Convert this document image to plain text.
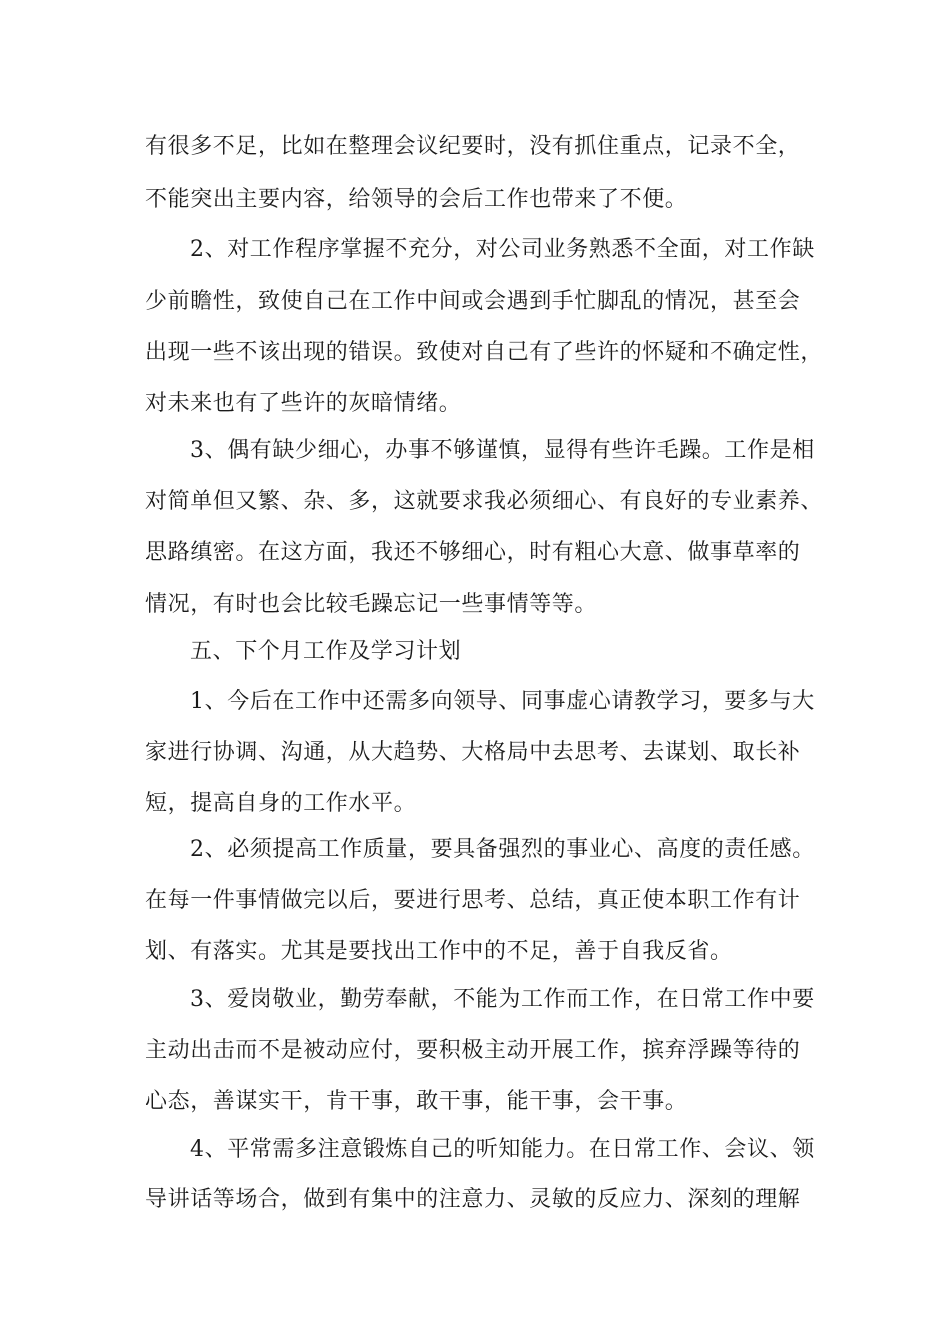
有很多不足，比如在整理会议纪要时，没有抓住重点，记录不全，
不能突出主要内容，给领导的会后工作也带来了不便。
2、对工作程序掌握不充分，对公司业务熟悉不全面，对工作缺
少前瞻性，致使自己在工作中间或会遇到手忙脚乱的情况，甚至会
出现一些不该出现的错误。致使对自己有了些许的怀疑和不确定性，
对未来也有了些许的灰暗情绪。
3、偶有缺少细心，办事不够谨慎，显得有些许毛躁。工作是相
对简单但又繁、杂、多，这就要求我必须细心、有良好的专业素养、
思路缜密。在这方面，我还不够细心，时有粗心大意、做事草率的
情况，有时也会比较毛躁忘记一些事情等等。
五、下个月工作及学习计划
1、今后在工作中还需多向领导、同事虚心请教学习，要多与大
家进行协调、沟通，从大趋势、大格局中去思考、去谋划、取长补
短，提高自身的工作水平。
2、必须提高工作质量，要具备强烈的事业心、高度的责任感。
在每一件事情做完以后，要进行思考、总结，真正使本职工作有计
划、有落实。尤其是要找出工作中的不足，善于自我反省。
3、爱岗敬业，勤劳奉献，不能为工作而工作，在日常工作中要
主动出击而不是被动应付，要积极主动开展工作，摈弃浮躁等待的
心态，善谋实干，肯干事，敢干事，能干事，会干事。
4、平常需多注意锻炼自己的听知能力。在日常工作、会议、领
导讲话等场合，做到有集中的注意力、灵敏的反应力、深刻的理解
